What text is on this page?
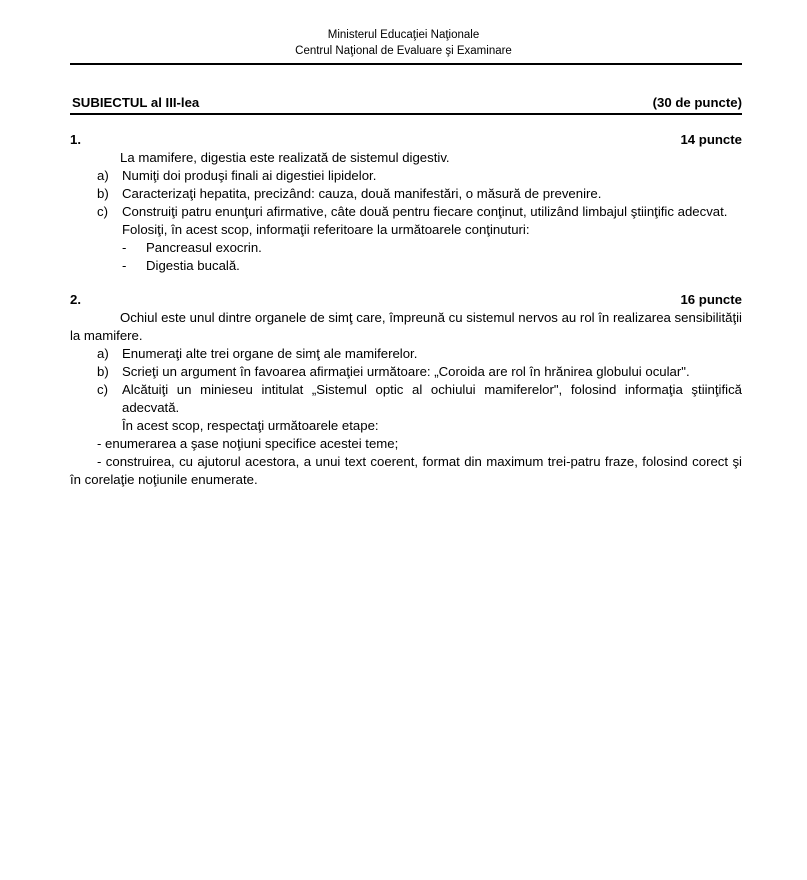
Ministerul Educaţiei Naţionale
Centrul Naţional de Evaluare şi Examinare
SUBIECTUL al III-lea	(30 de puncte)
1.	14 puncte

La mamifere, digestia este realizată de sistemul digestiv.

a) Numiţi doi produşi finali ai digestiei lipidelor.
b) Caracterizaţi hepatita, precizând: cauza, două manifestări, o măsură de prevenire.
c) Construiţi patru enunţuri afirmative, câte două pentru fiecare conţinut, utilizând limbajul ştiinţific adecvat.
Folosiţi, în acest scop, informaţii referitoare la următoarele conţinuturi:
- Pancreasul exocrin.
- Digestia bucală.
2.	16 puncte

Ochiul este unul dintre organele de simţ care, împreună cu sistemul nervos au rol în realizarea sensibilităţii la mamifere.

a) Enumeraţi alte trei organe de simţ ale mamiferelor.
b) Scrieţi un argument în favoarea afirmaţiei următoare: „Coroida are rol în hrănirea globului ocular".
c) Alcătuiţi un minieseu intitulat „Sistemul optic al ochiului mamiferelor", folosind informaţia ştiinţifică adecvată.
În acest scop, respectaţi următoarele etape:
- enumerarea a şase noţiuni specifice acestei teme;
- construirea, cu ajutorul acestora, a unui text coerent, format din maximum trei-patru fraze, folosind corect şi în corelaţie noţiunile enumerate.
